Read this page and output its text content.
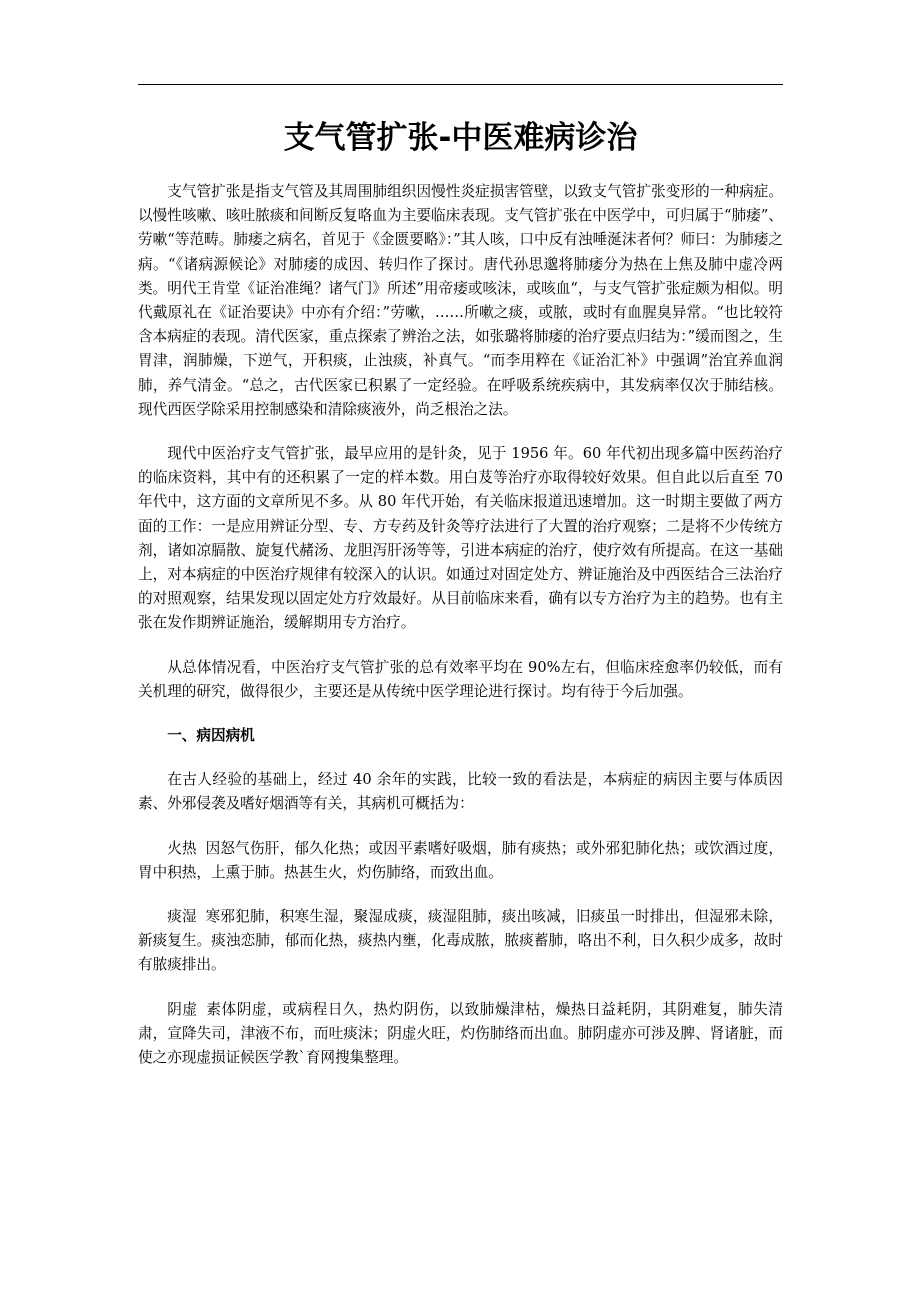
支气管扩张-中医难病诊治

支气管扩张是指支气管及其周围肺组织因慢性炎症损害管壁，以致支气管扩张变形的一种病症。以慢性咳嗽、咳吐脓痰和间断反复咯血为主要临床表现。支气管扩张在中医学中，可归属于“肺痿”、劳嗽“等范畴。肺痿之病名，首见于《金匮要略》：”其人咳，口中反有浊唾涎沫者何？师曰：为肺痿之病。“《诸病源候论》对肺痿的成因、转归作了探讨。唐代孙思邈将肺痿分为热在上焦及肺中虚冷两类。明代王肯堂《证治准绳？诸气门》所述”用帝痿或咳沫，或咳血“，与支气管扩张症颇为相似。明代戴原礼在《证治要诀》中亦有介绍：”劳嗽，……所嗽之痰，或脓，或时有血腥臭异常。“也比较符含本病症的表现。清代医家，重点探索了辨治之法，如张璐将肺痿的治疗要点归结为：”缓而图之，生胃津，润肺燥，下逆气，开积痰，止浊痰，补真气。“而李用粹在《证治汇补》中强调”治宜养血润肺，养气清金。“总之，古代医家已积累了一定经验。在呼吸系统疾病中，其发病率仅次于肺结核。现代西医学除采用控制感染和清除痰液外，尚乏根治之法。

现代中医治疗支气管扩张，最早应用的是针灸，见于 1956 年。60 年代初出现多篇中医药治疗的临床资料，其中有的还积累了一定的样本数。用白芨等治疗亦取得较好效果。但自此以后直至 70 年代中，这方面的文章所见不多。从 80 年代开始，有关临床报道迅速增加。这一时期主要做了两方面的工作：一是应用辨证分型、专、方专药及针灸等疗法进行了大置的治疗观察；二是将不少传统方剂，诸如凉膈散、旋复代赭汤、龙胆泻肝汤等等，引进本病症的治疗，使疗效有所提高。在这一基础上，对本病症的中医治疗规律有较深入的认识。如通过对固定处方、辨证施治及中西医结合三法治疗的对照观察，结果发现以固定处方疗效最好。从目前临床来看，确有以专方治疗为主的趋势。也有主张在发作期辨证施治，缓解期用专方治疗。

从总体情况看，中医治疗支气管扩张的总有效率平均在 90%左右，但临床痊愈率仍较低，而有关机理的研究，做得很少，主要还是从传统中医学理论进行探讨。均有待于今后加强。

一、病因病机

在古人经验的基础上，经过 40 余年的实践，比较一致的看法是，本病症的病因主要与体质因素、外邪侵袭及嗜好烟酒等有关，其病机可概括为：

火热 因怒气伤肝，郁久化热；或因平素嗜好吸烟，肺有痰热；或外邪犯肺化热；或饮酒过度，胃中积热，上熏于肺。热甚生火，灼伤肺络，而致出血。

痰湿 寒邪犯肺，积寒生湿，聚湿成痰，痰湿阻肺，痰出咳减，旧痰虽一时排出，但湿邪未除，新痰复生。痰浊恋肺，郁而化热，痰热内壅，化毒成脓，脓痰蓄肺，咯出不利，日久积少成多，故时有脓痰排出。

阴虚 素体阴虚，或病程日久，热灼阴伤，以致肺燥津枯，燥热日益耗阴，其阴难复，肺失清肃，宣降失司，津液不布，而吐痰沫；阴虚火旺，灼伤肺络而出血。肺阴虚亦可涉及脾、肾诸脏，而使之亦现虚损证候医学教`育网搜集整理。
